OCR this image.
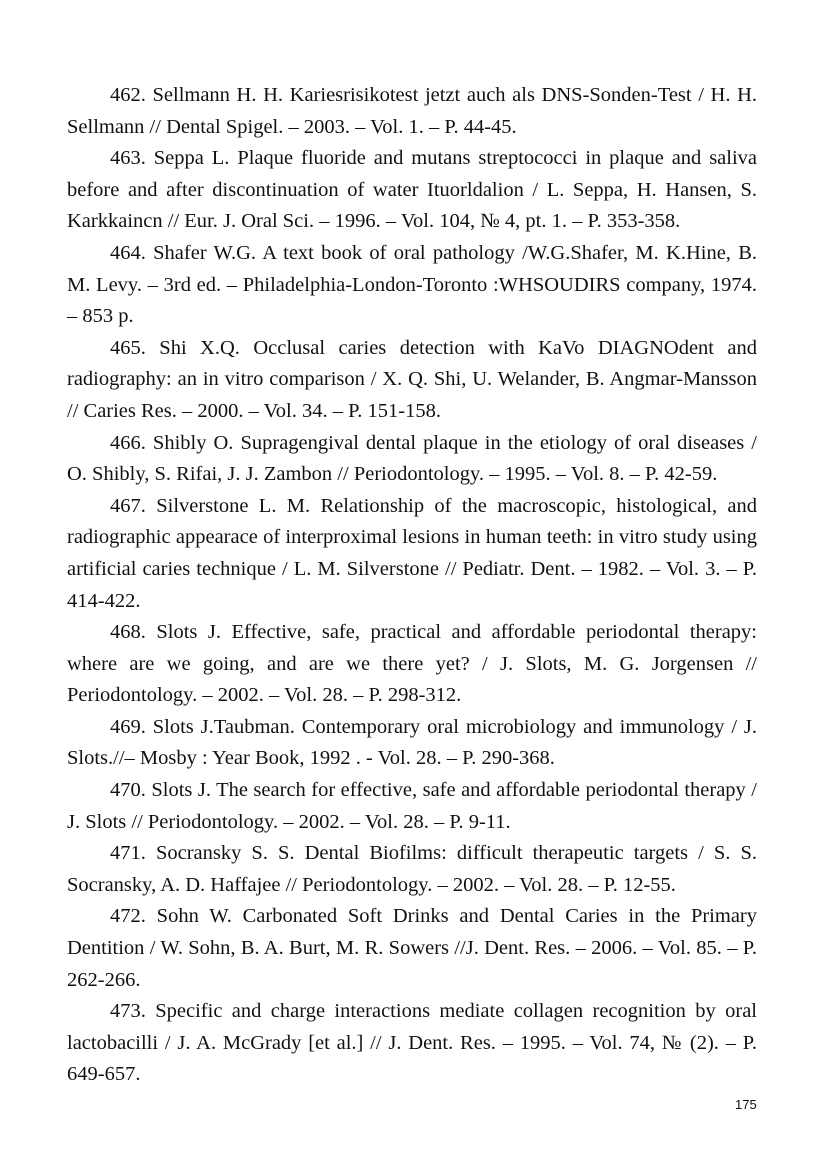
462. Sellmann H. H. Kariesrisikotest jetzt auch als DNS-Sonden-Test / H. H. Sellmann // Dental Spigel. – 2003. – Vol. 1. – P. 44-45.

463. Seppa L. Plaque fluoride and mutans streptococci in plaque and saliva before and after discontinuation of water Ituorldalion / L. Seppa, H. Hansen, S. Karkkaincn // Eur. J. Oral Sci. – 1996. – Vol. 104, № 4, pt. 1. – P. 353-358.

464. Shafer W.G. A text book of oral pathology /W.G.Shafer, M. K.Hine, B. M. Levy. – 3rd ed. – Philadelphia-London-Toronto :WHSOUDIRS company, 1974. – 853 p.

465. Shi X.Q. Occlusal caries detection with KaVo DIAGNOdent and radiography: an in vitro comparison / X. Q. Shi, U. Welander, B. Angmar-Mansson // Caries Res. – 2000. – Vol. 34. – P. 151-158.

466. Shibly O. Supragengival dental plaque in the etiology of oral diseases / O. Shibly, S. Rifai, J. J. Zambon // Periodontology. – 1995. – Vol. 8. – P. 42-59.

467. Silverstone L. M. Relationship of the macroscopic, histological, and radiographic appearace of interproximal lesions in human teeth: in vitro study using artificial caries technique / L. M. Silverstone // Pediatr. Dent. – 1982. – Vol. 3. – P. 414-422.

468. Slots J. Effective, safe, practical and affordable periodontal therapy: where are we going, and are we there yet? / J. Slots, M. G. Jorgensen // Periodontology. – 2002. – Vol. 28. – P. 298-312.

469. Slots J.Taubman. Contemporary oral microbiology and immunology / J. Slots.//– Mosby : Year Book, 1992 . - Vol. 28. – P. 290-368.

470. Slots J. The search for effective, safe and affordable periodontal therapy / J. Slots // Periodontology. – 2002. – Vol. 28. – P. 9-11.

471. Socransky S. S. Dental Biofilms: difficult therapeutic targets / S. S. Socransky, A. D. Haffajee // Periodontology. – 2002. – Vol. 28. – P. 12-55.

472. Sohn W. Carbonated Soft Drinks and Dental Caries in the Primary Dentition / W. Sohn, B. A. Burt, M. R. Sowers //J. Dent. Res. – 2006. – Vol. 85. – P. 262-266.

473. Specific and charge interactions mediate collagen recognition by oral lactobacilli / J. A. McGrady [et al.] // J. Dent. Res. – 1995. – Vol. 74, № (2). – P. 649-657.

175
